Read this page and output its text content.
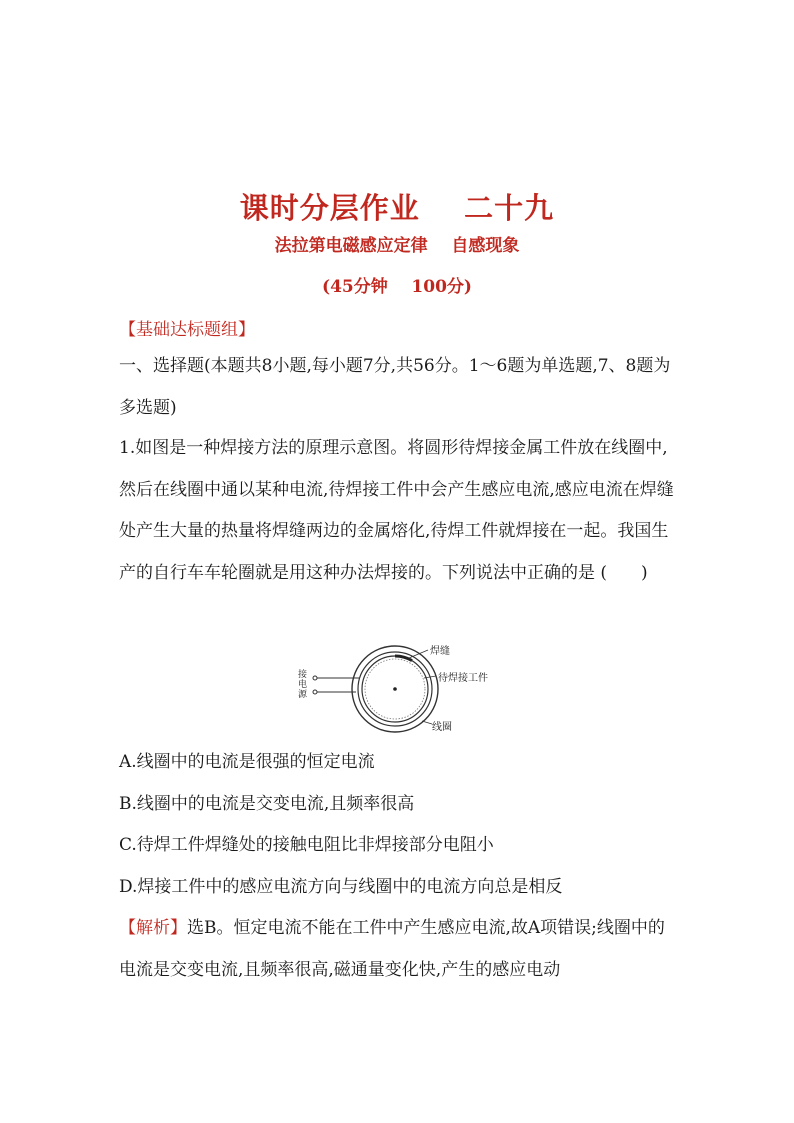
课时分层作业    二十九
法拉第电磁感应定律    自感现象
(45分钟    100分)
【基础达标题组】
一、选择题(本题共8小题,每小题7分,共56分。1～6题为单选题,7、8题为多选题)
1.如图是一种焊接方法的原理示意图。将圆形待焊接金属工件放在线圈中,然后在线圈中通以某种电流,待焊接工件中会产生感应电流,感应电流在焊缝处产生大量的热量将焊缝两边的金属熔化,待焊工件就焊接在一起。我国生产的自行车车轮圈就是用这种办法焊接的。下列说法中正确的是 (　　)
接电源
焊缝
待焊接工件
线圈
A.线圈中的电流是很强的恒定电流
B.线圈中的电流是交变电流,且频率很高
C.待焊工件焊缝处的接触电阻比非焊接部分电阻小
D.焊接工件中的感应电流方向与线圈中的电流方向总是相反
【解析】选B。恒定电流不能在工件中产生感应电流,故A项错误;线圈中的电流是交变电流,且频率很高,磁通量变化快,产生的感应电动
